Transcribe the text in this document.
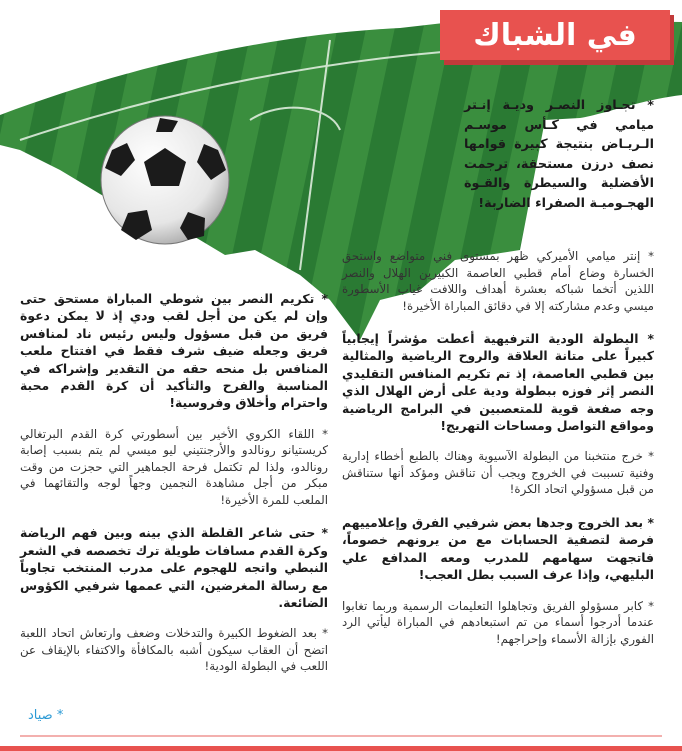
في الشباك

* تجـاوز النصـر وديـة إنـتر ميامي في كـأس موسـم الـريـاض بنتيجة كبيرة قوامها نصف درزن مستحقة، ترجمت الأفضلية والسيطرة والقـوة الهجـوميـة الصفراء الضاربة!

* إنتر ميامي الأميركي ظهر بمستوى فني متواضع واستحق الخسارة وضاع أمام قطبي العاصمة الكبيرين الهلال والنصر اللذين أتخما شباكه بعشرة أهداف واللافت غياب الأسطورة ميسي وعدم مشاركته إلا في دقائق المباراة الأخيرة!

* البطولة الودية الترفيهية أعطت مؤشراً إيجابياً كبيراً على متانة العلاقة والروح الرياضية والمثالية بين قطبي العاصمة، إذ تم تكريم المنافس التقليدي النصر إثر فوزه ببطولة ودية على أرض الهلال الذي وجه صفعة قوية للمتعصبين في البرامج الرياضية ومواقع التواصل ومساحات التهريج!

* خرج منتخبنا من البطولة الآسيوية وهناك بالطبع أخطاء إدارية وفنية تسببت في الخروج ويجب أن تناقش ومؤكد أنها ستناقش من قبل مسؤولي اتحاد الكرة!

* بعد الخروج وجدها بعض شرفيي الفرق وإعلامييهم فرصة لتصفية الحسابات مع من يرونهم خصوماً، فاتجهت سهامهم للمدرب ومعه المدافع علي البليهي، وإذا عرف السبب بطل العجب!

* كابر مسؤولو الفريق وتجاهلوا التعليمات الرسمية وربما تغابوا عندما أدرجوا أسماء من تم استبعادهم في المباراة ليأتي الرد الفوري بإزالة الأسماء وإحراجهم!

* تكريم النصر بين شوطي المباراة مستحق حتى وإن لم يكن من أجل لقب ودي إذ لا يمكن دعوة فريق من قبل مسؤول وليس رئيس ناد لمنافس فريق وجعله ضيف شرف فقط في افتتاح ملعب المنافس بل منحه حقه من التقدير وإشراكه في المناسبة والفرح والتأكيد أن كرة القدم محبة واحترام وأخلاق وفروسية!

* اللقاء الكروي الأخير بين أسطورتي كرة القدم البرتغالي كريستيانو رونالدو والأرجنتيني ليو ميسي لم يتم بسبب إصابة رونالدو، ولذا لم تكتمل فرحة الجماهير التي حجزت من وقت مبكر من أجل مشاهدة النجمين وجهاً لوجه والتقائهما في الملعب للمرة الأخيرة!

* حتى شاعر القلطة الذي بينه وبين فهم الرياضة وكرة القدم مسافات طويلة ترك تخصصه في الشعر النبطي واتجه للهجوم على مدرب المنتخب تجاوباً مع رسالة المغرضين، التي عممها شرفيي الكؤوس الضائعة.

* بعد الضغوط الكبيرة والتدخلات وضعف وارتعاش اتحاد اللعبة اتضح أن العقاب سيكون أشبه بالمكافأة والاكتفاء بالإيقاف عن اللعب في البطولة الودية!

* صياد
